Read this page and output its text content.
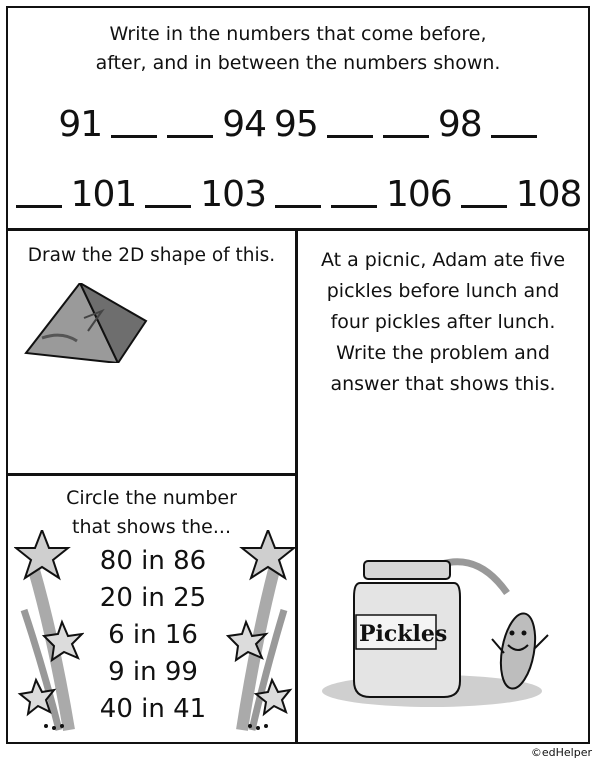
Write in the numbers that come before,
after, and in between the numbers shown.
91	94 95	98
101 103	106 108
Draw the 2D shape of this.	At a picnic, Adam ate five
pickles before lunch and
four pickles after lunch.
Write the problem and
answer that shows this.
Pickles
Circle the number
that shows the...
80 in 86
20 in 25
6 in 16
9 in 99
40 in 41
©edHelper
